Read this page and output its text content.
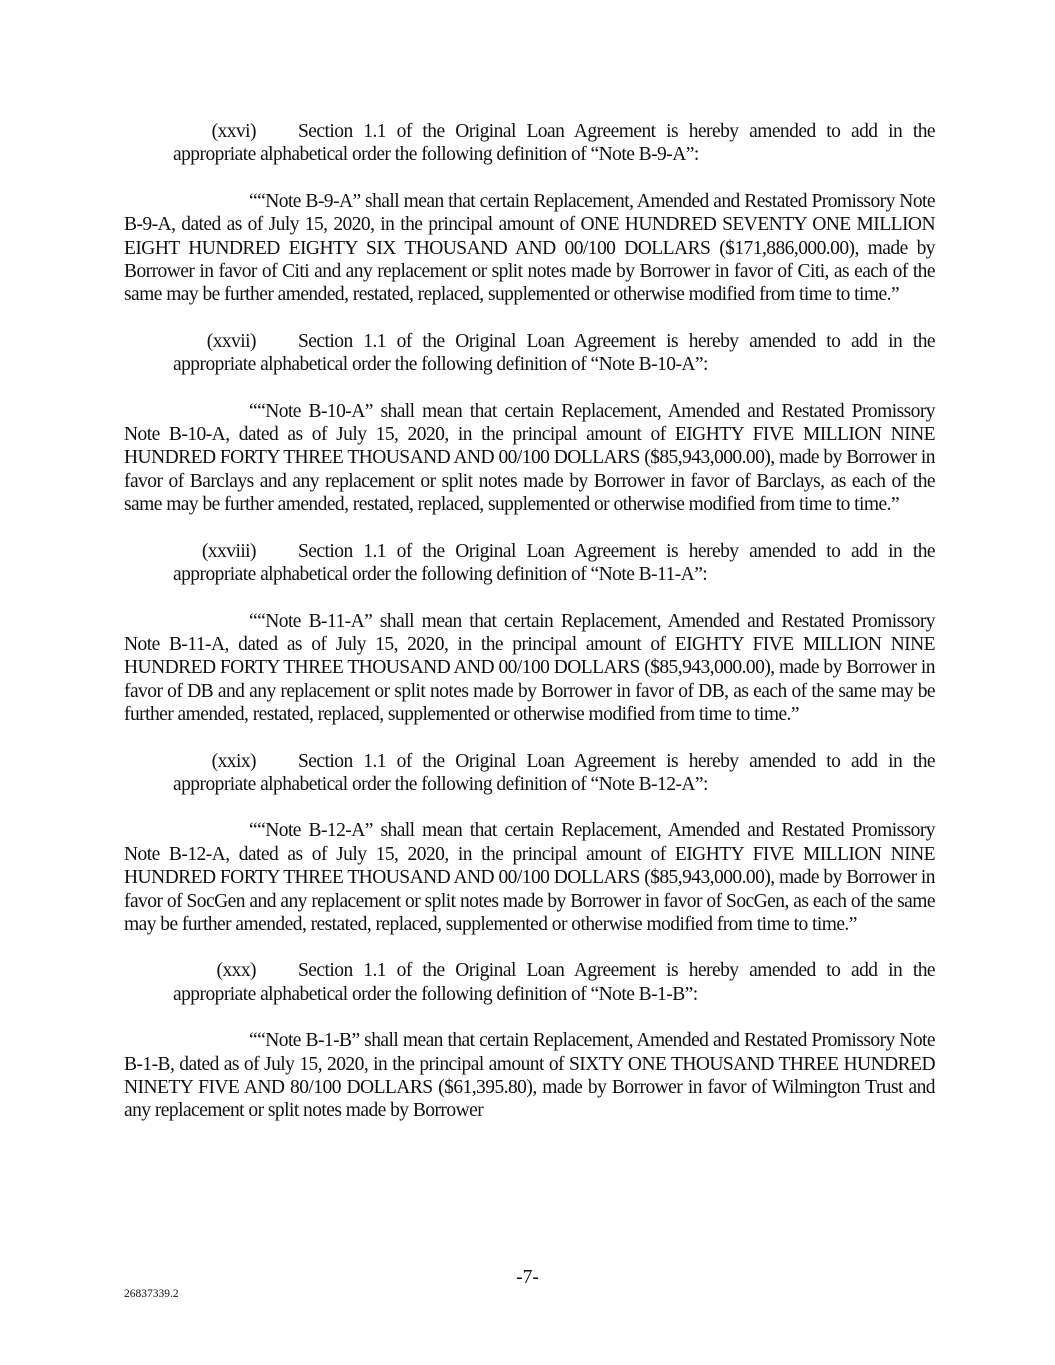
(xxvi) Section 1.1 of the Original Loan Agreement is hereby amended to add in the appropriate alphabetical order the following definition of “Note B-9-A”:

““Note B-9-A” shall mean that certain Replacement, Amended and Restated Promissory Note B-9-A, dated as of July 15, 2020, in the principal amount of ONE HUNDRED SEVENTY ONE MILLION EIGHT HUNDRED EIGHTY SIX THOUSAND AND 00/100 DOLLARS ($171,886,000.00), made by Borrower in favor of Citi and any replacement or split notes made by Borrower in favor of Citi, as each of the same may be further amended, restated, replaced, supplemented or otherwise modified from time to time.”

(xxvii) Section 1.1 of the Original Loan Agreement is hereby amended to add in the appropriate alphabetical order the following definition of “Note B-10-A”:

““Note B-10-A” shall mean that certain Replacement, Amended and Restated Promissory Note B-10-A, dated as of July 15, 2020, in the principal amount of EIGHTY FIVE MILLION NINE HUNDRED FORTY THREE THOUSAND AND 00/100 DOLLARS ($85,943,000.00), made by Borrower in favor of Barclays and any replacement or split notes made by Borrower in favor of Barclays, as each of the same may be further amended, restated, replaced, supplemented or otherwise modified from time to time.”

(xxviii) Section 1.1 of the Original Loan Agreement is hereby amended to add in the appropriate alphabetical order the following definition of “Note B-11-A”:

““Note B-11-A” shall mean that certain Replacement, Amended and Restated Promissory Note B-11-A, dated as of July 15, 2020, in the principal amount of EIGHTY FIVE MILLION NINE HUNDRED FORTY THREE THOUSAND AND 00/100 DOLLARS ($85,943,000.00), made by Borrower in favor of DB and any replacement or split notes made by Borrower in favor of DB, as each of the same may be further amended, restated, replaced, supplemented or otherwise modified from time to time.”

(xxix) Section 1.1 of the Original Loan Agreement is hereby amended to add in the appropriate alphabetical order the following definition of “Note B-12-A”:

““Note B-12-A” shall mean that certain Replacement, Amended and Restated Promissory Note B-12-A, dated as of July 15, 2020, in the principal amount of EIGHTY FIVE MILLION NINE HUNDRED FORTY THREE THOUSAND AND 00/100 DOLLARS ($85,943,000.00), made by Borrower in favor of SocGen and any replacement or split notes made by Borrower in favor of SocGen, as each of the same may be further amended, restated, replaced, supplemented or otherwise modified from time to time.”

(xxx) Section 1.1 of the Original Loan Agreement is hereby amended to add in the appropriate alphabetical order the following definition of “Note B-1-B”:

““Note B-1-B” shall mean that certain Replacement, Amended and Restated Promissory Note B-1-B, dated as of July 15, 2020, in the principal amount of SIXTY ONE THOUSAND THREE HUNDRED NINETY FIVE AND 80/100 DOLLARS ($61,395.80), made by Borrower in favor of Wilmington Trust and any replacement or split notes made by Borrower

-7-
26837339.2
